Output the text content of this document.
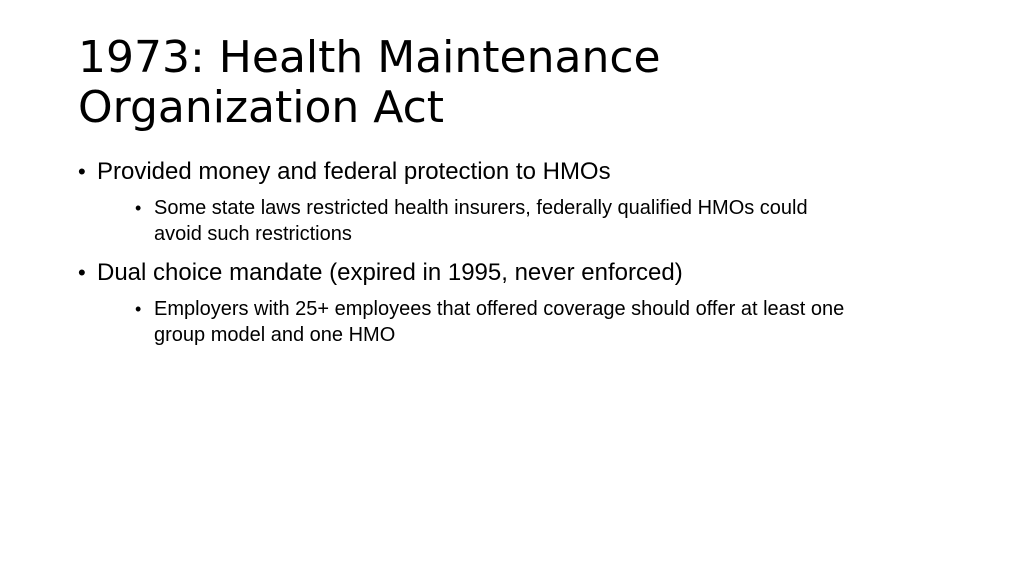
1973: Health Maintenance
Organization Act
• Provided money and federal protection to HMOs
• Some state laws restricted health insurers, federally qualified HMOs could
avoid such restrictions
• Dual choice mandate (expired in 1995, never enforced)
• Employers with 25+ employees that offered coverage should offer at least one
group model and one HMO
